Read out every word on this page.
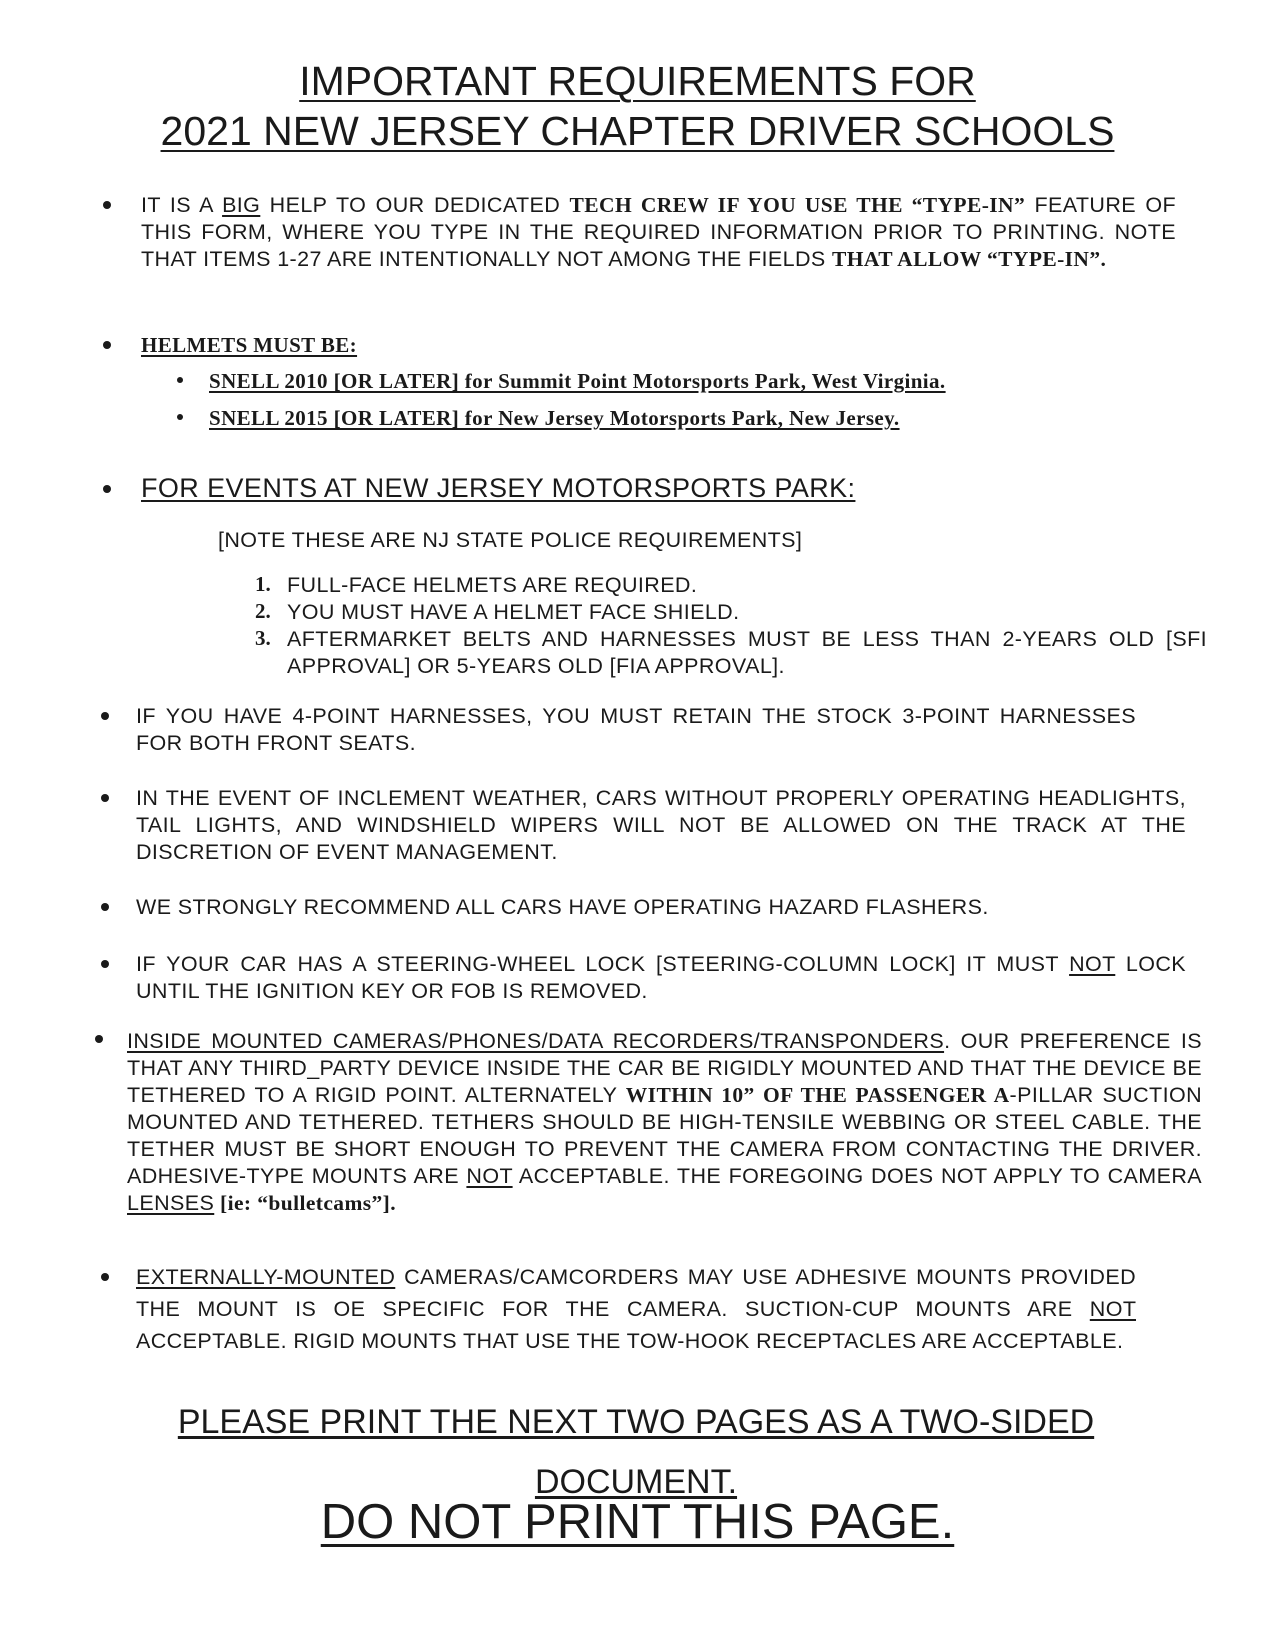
IMPORTANT REQUIREMENTS FOR
2021 NEW JERSEY CHAPTER DRIVER SCHOOLS
IT IS A BIG HELP TO OUR DEDICATED TECH CREW IF YOU USE THE “TYPE-IN” FEATURE OF THIS FORM, WHERE YOU TYPE IN THE REQUIRED INFORMATION PRIOR TO PRINTING. NOTE THAT ITEMS 1-27 ARE INTENTIONALLY NOT AMONG THE FIELDS THAT ALLOW “TYPE-IN”.
HELMETS MUST BE:
SNELL 2010 [OR LATER] for Summit Point Motorsports Park, West Virginia.
SNELL 2015 [OR LATER] for New Jersey Motorsports Park, New Jersey.
FOR EVENTS AT NEW JERSEY MOTORSPORTS PARK:
[NOTE THESE ARE NJ STATE POLICE REQUIREMENTS]
1. FULL-FACE HELMETS ARE REQUIRED.
2. YOU MUST HAVE A HELMET FACE SHIELD.
3. AFTERMARKET BELTS AND HARNESSES MUST BE LESS THAN 2-YEARS OLD [SFI APPROVAL] OR 5-YEARS OLD [FIA APPROVAL].
IF YOU HAVE 4-POINT HARNESSES, YOU MUST RETAIN THE STOCK 3-POINT HARNESSES FOR BOTH FRONT SEATS.
IN THE EVENT OF INCLEMENT WEATHER, CARS WITHOUT PROPERLY OPERATING HEADLIGHTS, TAIL LIGHTS, AND WINDSHIELD WIPERS WILL NOT BE ALLOWED ON THE TRACK AT THE DISCRETION OF EVENT MANAGEMENT.
WE STRONGLY RECOMMEND ALL CARS HAVE OPERATING HAZARD FLASHERS.
IF YOUR CAR HAS A STEERING-WHEEL LOCK [STEERING-COLUMN LOCK] IT MUST NOT LOCK UNTIL THE IGNITION KEY OR FOB IS REMOVED.
INSIDE MOUNTED CAMERAS/PHONES/DATA RECORDERS/TRANSPONDERS. OUR PREFERENCE IS THAT ANY THIRD_PARTY DEVICE INSIDE THE CAR BE RIGIDLY MOUNTED AND THAT THE DEVICE BE TETHERED TO A RIGID POINT. ALTERNATELY WITHIN 10” OF THE PASSENGER A-PILLAR SUCTION MOUNTED AND TETHERED. TETHERS SHOULD BE HIGH-TENSILE WEBBING OR STEEL CABLE. THE TETHER MUST BE SHORT ENOUGH TO PREVENT THE CAMERA FROM CONTACTING THE DRIVER. ADHESIVE-TYPE MOUNTS ARE NOT ACCEPTABLE. THE FOREGOING DOES NOT APPLY TO CAMERA LENSES [ie: “bulletcams”].
EXTERNALLY-MOUNTED CAMERAS/CAMCORDERS MAY USE ADHESIVE MOUNTS PROVIDED THE MOUNT IS OE SPECIFIC FOR THE CAMERA. SUCTION-CUP MOUNTS ARE NOT ACCEPTABLE. RIGID MOUNTS THAT USE THE TOW-HOOK RECEPTACLES ARE ACCEPTABLE.
PLEASE PRINT THE NEXT TWO PAGES AS A TWO-SIDED DOCUMENT.
DO NOT PRINT THIS PAGE.
